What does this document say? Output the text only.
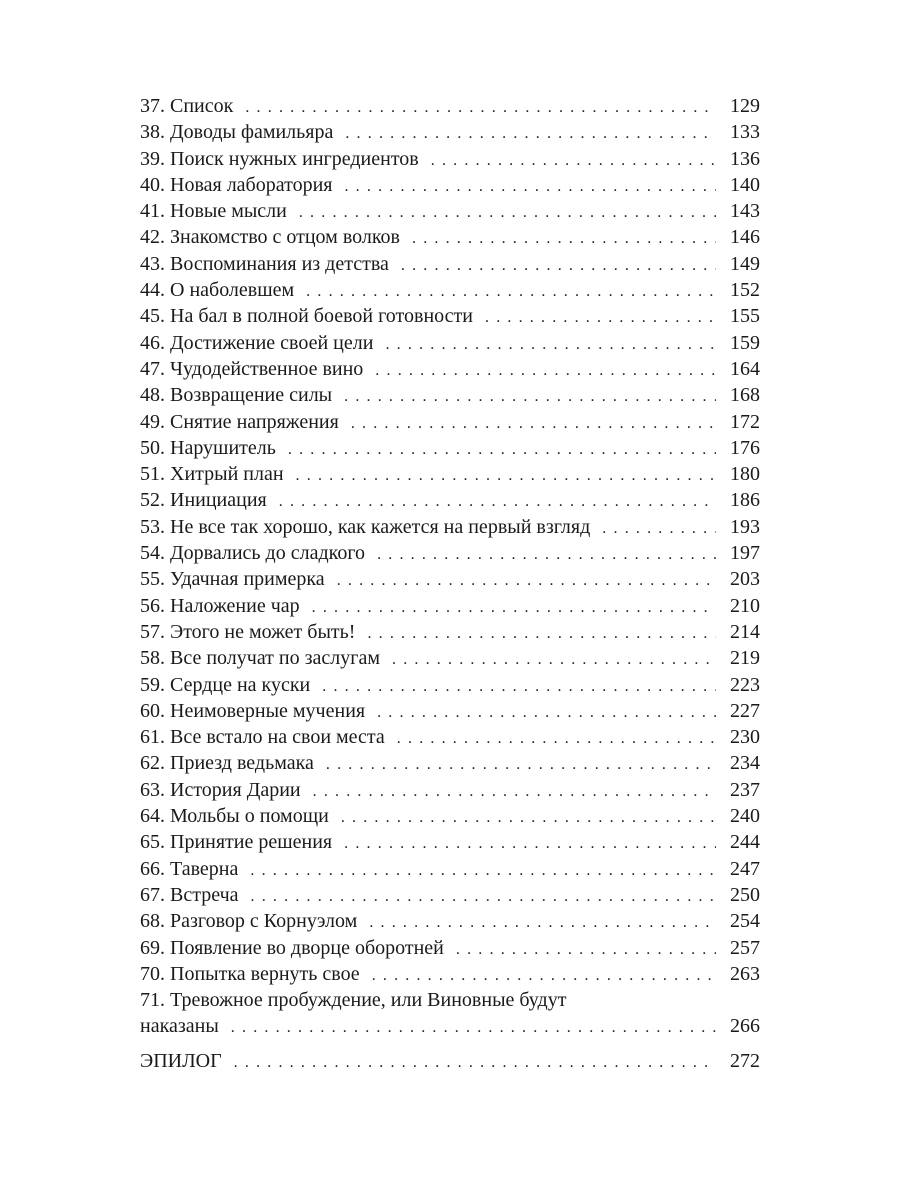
37. Список . . .	129
38. Доводы фамильяра . . .	133
39. Поиск нужных ингредиентов . . .	136
40. Новая лаборатория . . .	140
41. Новые мысли . . .	143
42. Знакомство с отцом волков . . .	146
43. Воспоминания из детства . . .	149
44. О наболевшем . . .	152
45. На бал в полной боевой готовности . . .	155
46. Достижение своей цели . . .	159
47. Чудодейственное вино . . .	164
48. Возвращение силы . . .	168
49. Снятие напряжения . . .	172
50. Нарушитель . . .	176
51. Хитрый план . . .	180
52. Инициация . . .	186
53. Не все так хорошо, как кажется на первый взгляд . . .	193
54. Дорвались до сладкого . . .	197
55. Удачная примерка . . .	203
56. Наложение чар . . .	210
57. Этого не может быть! . . .	214
58. Все получат по заслугам . . .	219
59. Сердце на куски . . .	223
60. Неимоверные мучения . . .	227
61. Все встало на свои места . . .	230
62. Приезд ведьмака . . .	234
63. История Дарии . . .	237
64. Мольбы о помощи . . .	240
65. Принятие решения . . .	244
66. Таверна . . .	247
67. Встреча . . .	250
68. Разговор с Корнуэлом . . .	254
69. Появление во дворце оборотней . . .	257
70. Попытка вернуть свое . . .	263
71. Тревожное пробуждение, или Виновные будут
наказаны . . .	266
ЭПИЛОГ . . .	272
